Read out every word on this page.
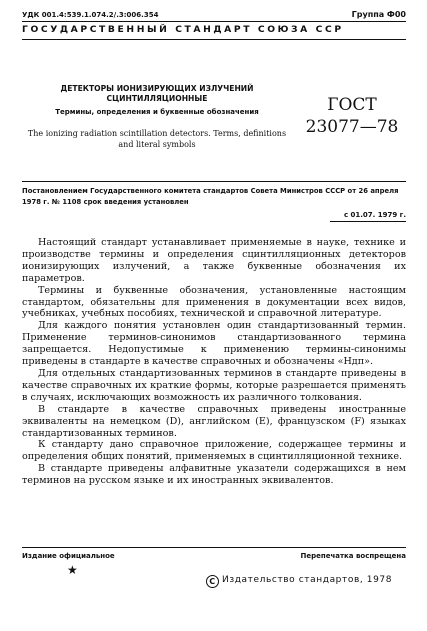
УДК 001.4:539.1.074.2/.3:006.354	Группа Ф00
ГОСУДАРСТВЕННЫЙ СТАНДАРТ СОЮЗА ССР
ДЕТЕКТОРЫ ИОНИЗИРУЮЩИХ ИЗЛУЧЕНИЙ СЦИНТИЛЛЯЦИОННЫЕ
Термины, определения и буквенные обозначения
The ionizing radiation scintillation detectors. Terms, definitions and literal symbols
ГОСТ
23077—78
Постановлением Государственного комитета стандартов Совета Министров СССР от 26 апреля 1978 г. № 1108 срок введения установлен
с 01.07. 1979 г.

Настоящий стандарт устанавливает применяемые в науке, технике и производстве термины и определения сцинтилляционных детекторов ионизирующих излучений, а также буквенные обозначения их параметров.

Термины и буквенные обозначения, установленные настоящим стандартом, обязательны для применения в документации всех видов, учебниках, учебных пособиях, технической и справочной литературе.

Для каждого понятия установлен один стандартизованный термин. Применение терминов-синонимов стандартизованного термина запрещается. Недопустимые к применению термины-синонимы приведены в стандарте в качестве справочных и обозначены «Ндп».

Для отдельных стандартизованных терминов в стандарте приведены в качестве справочных их краткие формы, которые разрешается применять в случаях, исключающих возможность их различного толкования.

В стандарте в качестве справочных приведены иностранные эквиваленты на немецком (D), английском (E), французском (F) языках стандартизованных терминов.

К стандарту дано справочное приложение, содержащее термины и определения общих понятий, применяемых в сцинтилляционной технике.

В стандарте приведены алфавитные указатели содержащихся в нем терминов на русском языке и их иностранных эквивалентов.

Издание официальное	Перепечатка воспрещена
★
С Издательство стандартов, 1978
